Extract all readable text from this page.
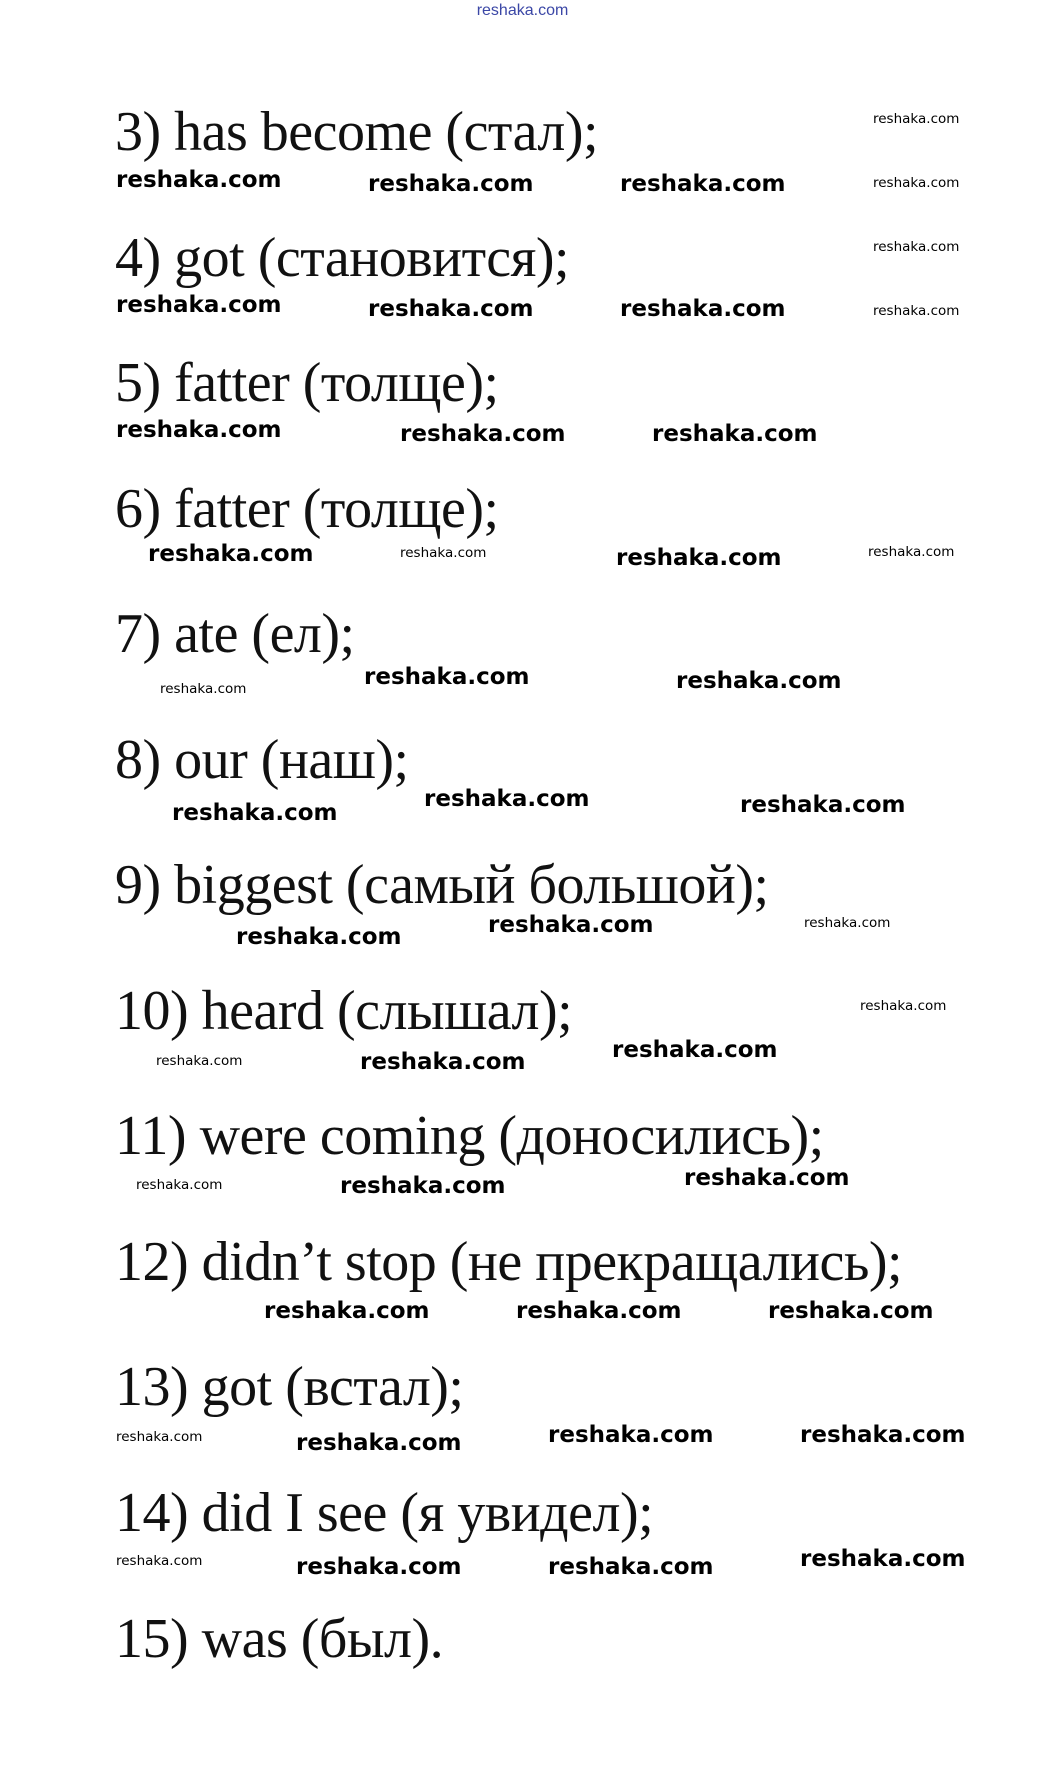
reshaka.com
3) has become (стал);
4) got (становится);
5) fatter (толще);
6) fatter (толще);
7) ate (ел);
8) our (наш);
9) biggest (самый большой);
10) heard (слышал);
11) were coming (доносились);
12) didn’t stop (не прекращались);
13) got (встал);
14) did I see (я увидел);
15) was (был).
reshaka.com
reshaka.com	reshaka.com	reshaka.com	reshaka.com
reshaka.com
reshaka.com	reshaka.com	reshaka.com	reshaka.com
reshaka.com	reshaka.com	reshaka.com
reshaka.com	reshaka.com	reshaka.com	reshaka.com
reshaka.com	reshaka.com	reshaka.com
reshaka.com
reshaka.com	reshaka.com
reshaka.com	reshaka.com	reshaka.com
reshaka.com
reshaka.com	reshaka.com	reshaka.com
reshaka.com	reshaka.com	reshaka.com
reshaka.com	reshaka.com	reshaka.com
reshaka.com	reshaka.com	reshaka.com	reshaka.com
reshaka.com	reshaka.com	reshaka.com	reshaka.com
